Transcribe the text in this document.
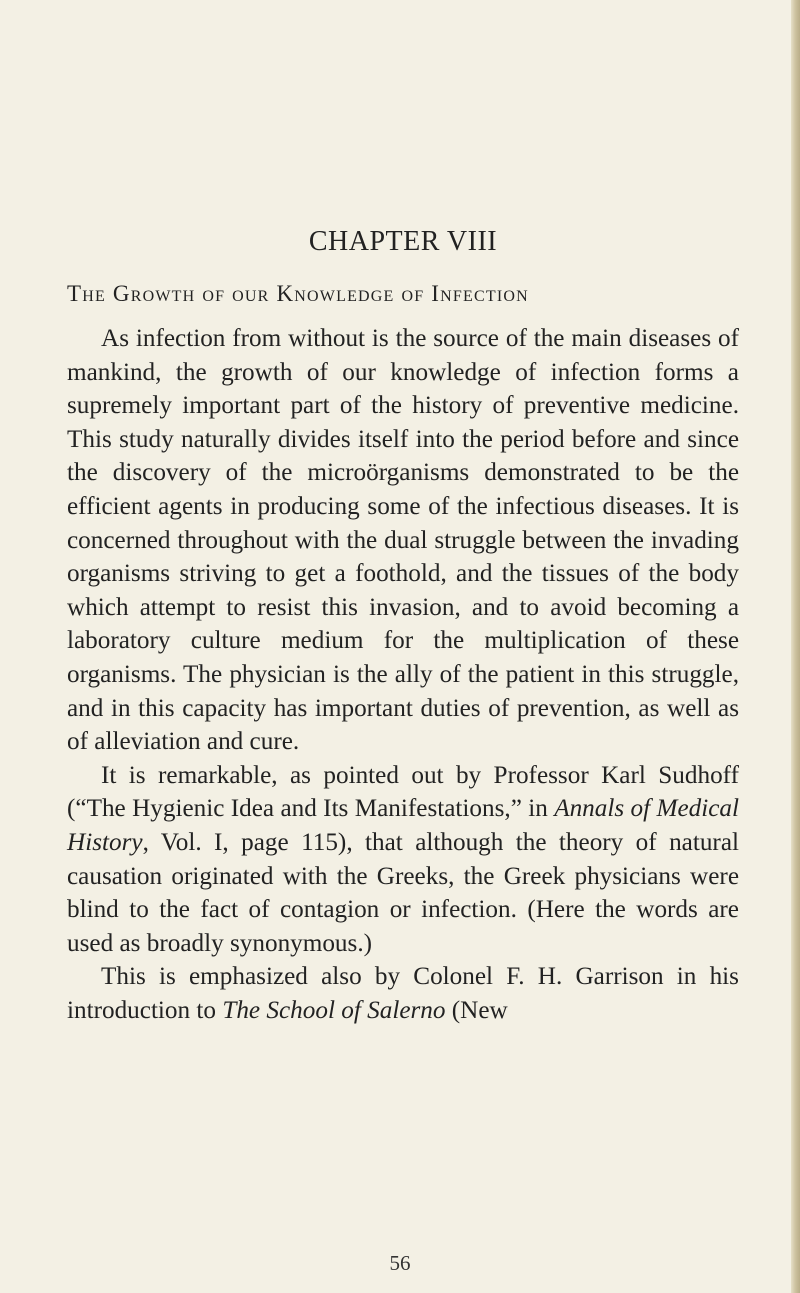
CHAPTER VIII
The Growth of our Knowledge of Infection

As infection from without is the source of the main diseases of mankind, the growth of our knowledge of infection forms a supremely important part of the history of preventive medicine. This study naturally divides itself into the period before and since the discovery of the microörganisms demonstrated to be the efficient agents in producing some of the infectious diseases. It is concerned throughout with the dual struggle between the invading organisms striving to get a foothold, and the tissues of the body which attempt to resist this invasion, and to avoid becoming a laboratory culture medium for the multiplication of these organisms. The physician is the ally of the patient in this struggle, and in this capacity has important duties of prevention, as well as of alleviation and cure.

It is remarkable, as pointed out by Professor Karl Sudhoff (“The Hygienic Idea and Its Manifestations,” in Annals of Medical History, Vol. I, page 115), that although the theory of natural causation originated with the Greeks, the Greek physicians were blind to the fact of contagion or infection. (Here the words are used as broadly synonymous.)

This is emphasized also by Colonel F. H. Garrison in his introduction to The School of Salerno (New

56
